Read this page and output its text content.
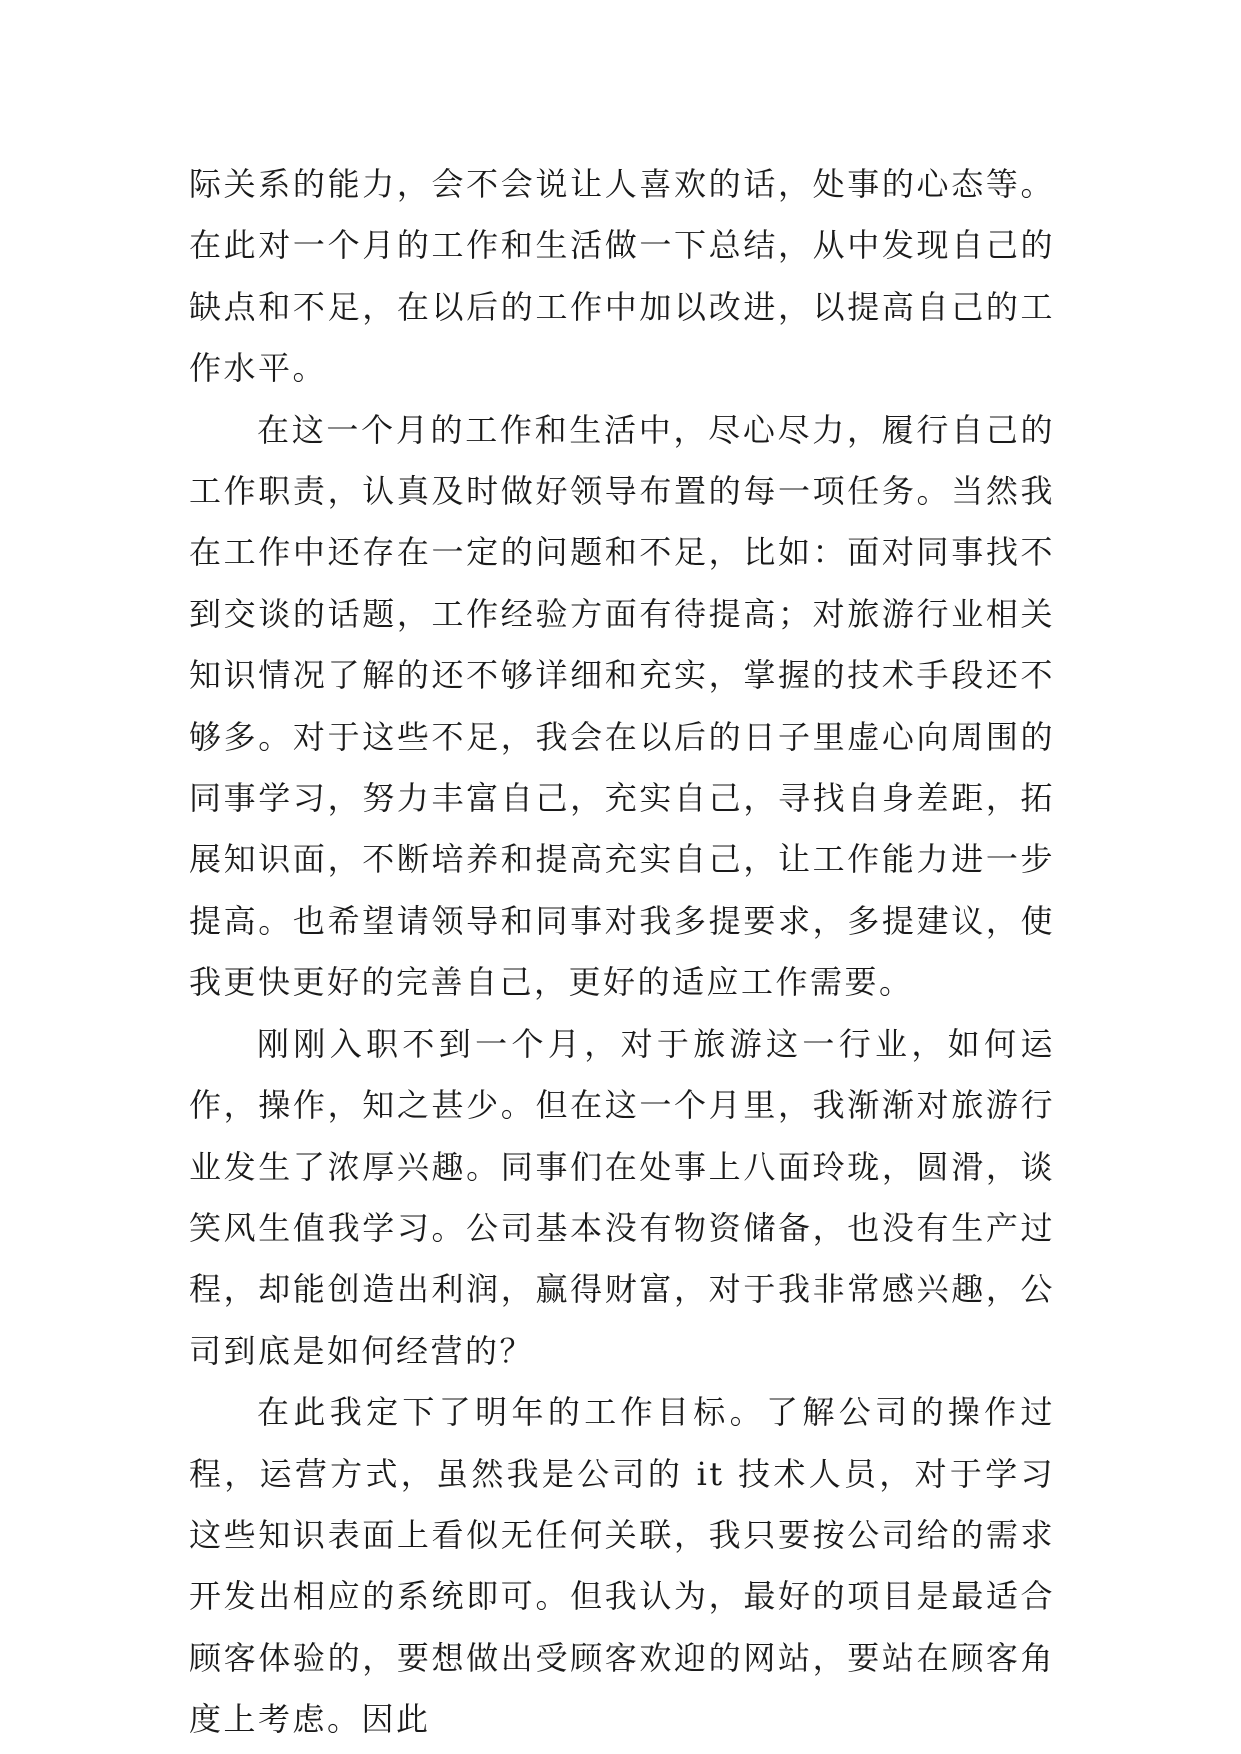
际关系的能力，会不会说让人喜欢的话，处事的心态等。在此对一个月的工作和生活做一下总结，从中发现自己的缺点和不足，在以后的工作中加以改进，以提高自己的工作水平。

在这一个月的工作和生活中，尽心尽力，履行自己的工作职责，认真及时做好领导布置的每一项任务。当然我在工作中还存在一定的问题和不足，比如：面对同事找不到交谈的话题，工作经验方面有待提高；对旅游行业相关知识情况了解的还不够详细和充实，掌握的技术手段还不够多。对于这些不足，我会在以后的日子里虚心向周围的同事学习，努力丰富自己，充实自己，寻找自身差距，拓展知识面，不断培养和提高充实自己，让工作能力进一步提高。也希望请领导和同事对我多提要求，多提建议，使我更快更好的完善自己，更好的适应工作需要。

刚刚入职不到一个月，对于旅游这一行业，如何运作，操作，知之甚少。但在这一个月里，我渐渐对旅游行业发生了浓厚兴趣。同事们在处事上八面玲珑，圆滑，谈笑风生值我学习。公司基本没有物资储备，也没有生产过程，却能创造出利润，赢得财富，对于我非常感兴趣，公司到底是如何经营的？

在此我定下了明年的工作目标。了解公司的操作过程，运营方式，虽然我是公司的 it 技术人员，对于学习这些知识表面上看似无任何关联，我只要按公司给的需求开发出相应的系统即可。但我认为，最好的项目是最适合顾客体验的，要想做出受顾客欢迎的网站，要站在顾客角度上考虑。因此
